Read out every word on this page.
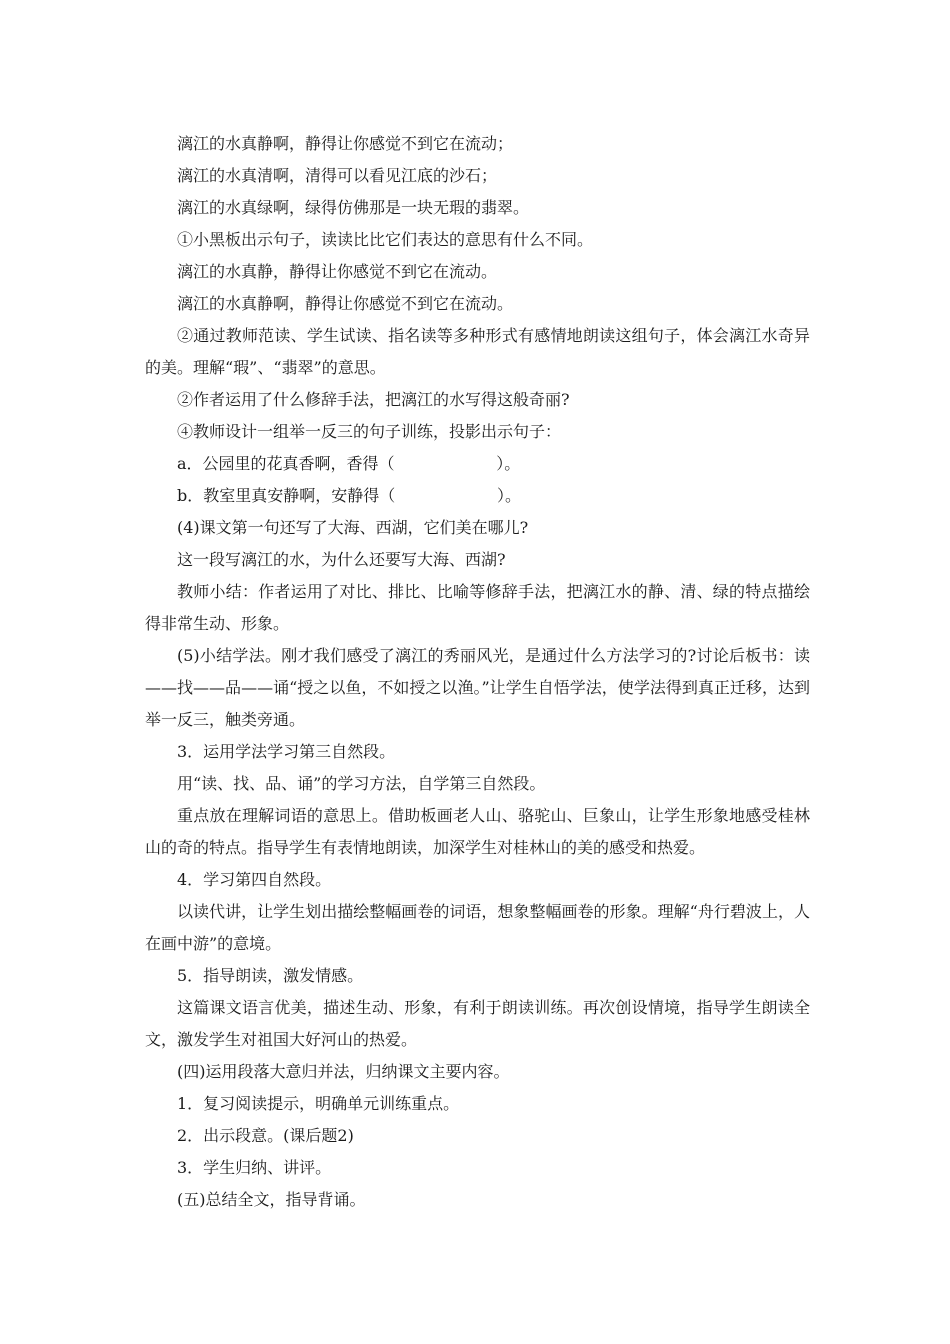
漓江的水真静啊，静得让你感觉不到它在流动；

漓江的水真清啊，清得可以看见江底的沙石；

漓江的水真绿啊，绿得仿佛那是一块无瑕的翡翠。

①小黑板出示句子，读读比比它们表达的意思有什么不同。

漓江的水真静，静得让你感觉不到它在流动。

漓江的水真静啊，静得让你感觉不到它在流动。

②通过教师范读、学生试读、指名读等多种形式有感情地朗读这组句子，体会漓江水奇异的美。理解“瑕”、“翡翠”的意思。

②作者运用了什么修辞手法，把漓江的水写得这般奇丽?

④教师设计一组举一反三的句子训练，投影出示句子：

a．公园里的花真香啊，香得（                    ）。

b．教室里真安静啊，安静得（                    ）。

(4)课文第一句还写了大海、西湖，它们美在哪儿?

这一段写漓江的水，为什么还要写大海、西湖?

教师小结：作者运用了对比、排比、比喻等修辞手法，把漓江水的静、清、绿的特点描绘得非常生动、形象。

(5)小结学法。刚才我们感受了漓江的秀丽风光，是通过什么方法学习的?讨论后板书：读——找——品——诵“授之以鱼，不如授之以渔。”让学生自悟学法，使学法得到真正迁移，达到举一反三，触类旁通。

3．运用学法学习第三自然段。

用“读、找、品、诵”的学习方法，自学第三自然段。

重点放在理解词语的意思上。借助板画老人山、骆驼山、巨象山，让学生形象地感受桂林山的奇的特点。指导学生有表情地朗读，加深学生对桂林山的美的感受和热爱。

4．学习第四自然段。

以读代讲，让学生划出描绘整幅画卷的词语，想象整幅画卷的形象。理解“舟行碧波上，人在画中游”的意境。

5．指导朗读，激发情感。

这篇课文语言优美，描述生动、形象，有利于朗读训练。再次创设情境，指导学生朗读全文，激发学生对祖国大好河山的热爱。

(四)运用段落大意归并法，归纳课文主要内容。

1．复习阅读提示，明确单元训练重点。

2．出示段意。(课后题2)

3．学生归纳、讲评。

(五)总结全文，指导背诵。
